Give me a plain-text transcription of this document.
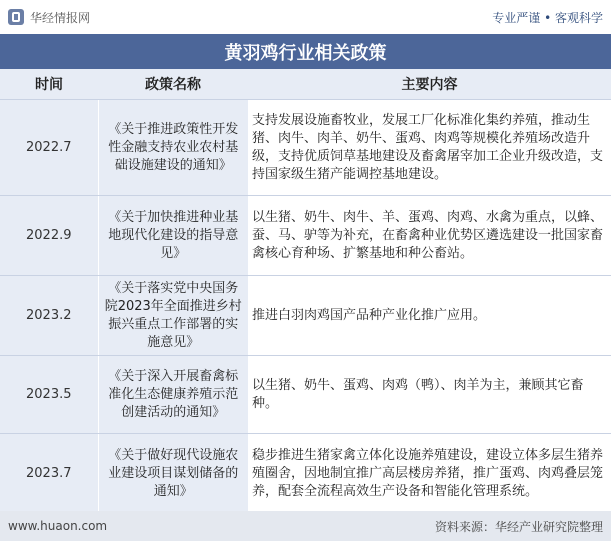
华经情报网	专业严谨 • 客观科学
黄羽鸡行业相关政策
时间	政策名称	主要内容
2022.7	《关于推进政策性开发性金融支持农业农村基础设施建设的通知》	支持发展设施畜牧业，发展工厂化标准化集约养殖，推动生猪、肉牛、肉羊、奶牛、蛋鸡、肉鸡等规模化养殖场改造升级，支持优质饲草基地建设及畜禽屠宰加工企业升级改造，支持国家级生猪产能调控基地建设。
2022.9	《关于加快推进种业基地现代化建设的指导意见》	以生猪、奶牛、肉牛、羊、蛋鸡、肉鸡、水禽为重点，以蜂、蚕、马、驴等为补充，在畜禽种业优势区遴选建设一批国家畜禽核心育种场、扩繁基地和种公畜站。
2023.2	《关于落实党中央国务院2023年全面推进乡村振兴重点工作部署的实施意见》	推进白羽肉鸡国产品种产业化推广应用。
2023.5	《关于深入开展畜禽标准化生态健康养殖示范创建活动的通知》	以生猪、奶牛、蛋鸡、肉鸡（鸭）、肉羊为主，兼顾其它畜种。
2023.7	《关于做好现代设施农业建设项目谋划储备的通知》	稳步推进生猪家禽立体化设施养殖建设，建设立体多层生猪养殖圈舍，因地制宜推广高层楼房养猪，推广蛋鸡、肉鸡叠层笼养，配套全流程高效生产设备和智能化管理系统。
www.huaon.com	资料来源：华经产业研究院整理
